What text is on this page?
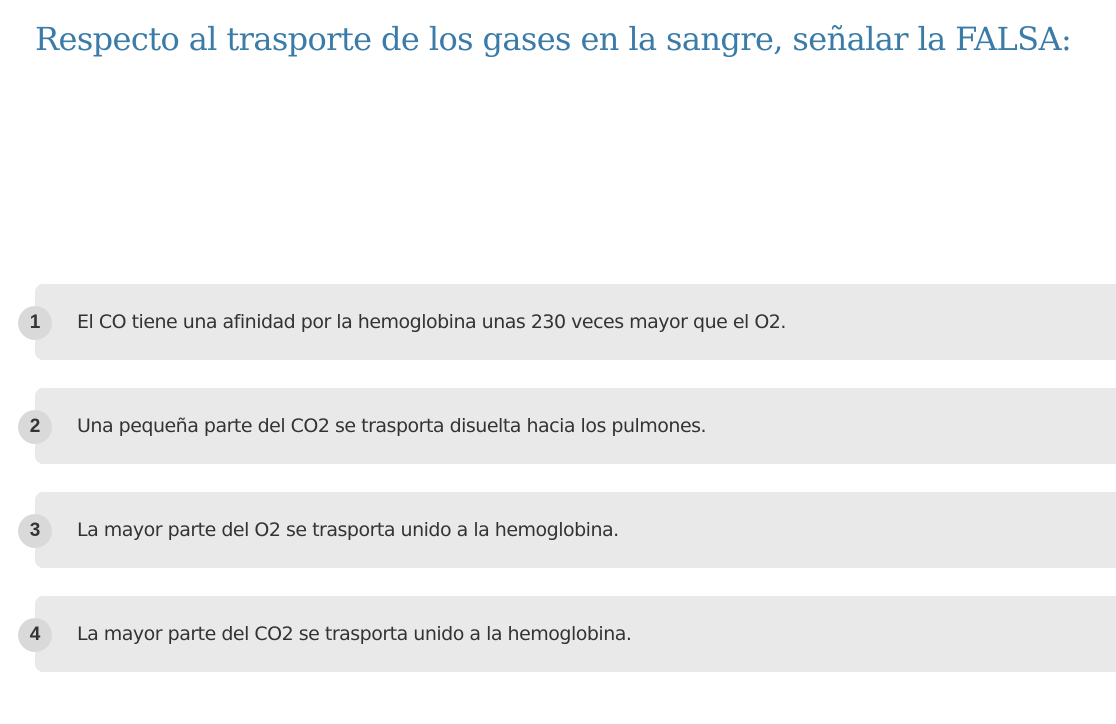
Respecto al trasporte de los gases en la sangre, señalar la FALSA:
1	El CO tiene una afinidad por la hemoglobina unas 230 veces mayor que el O2.
2	Una pequeña parte del CO2 se trasporta disuelta hacia los pulmones.
3	La mayor parte del O2 se trasporta unido a la hemoglobina.
4	La mayor parte del CO2 se trasporta unido a la hemoglobina.
